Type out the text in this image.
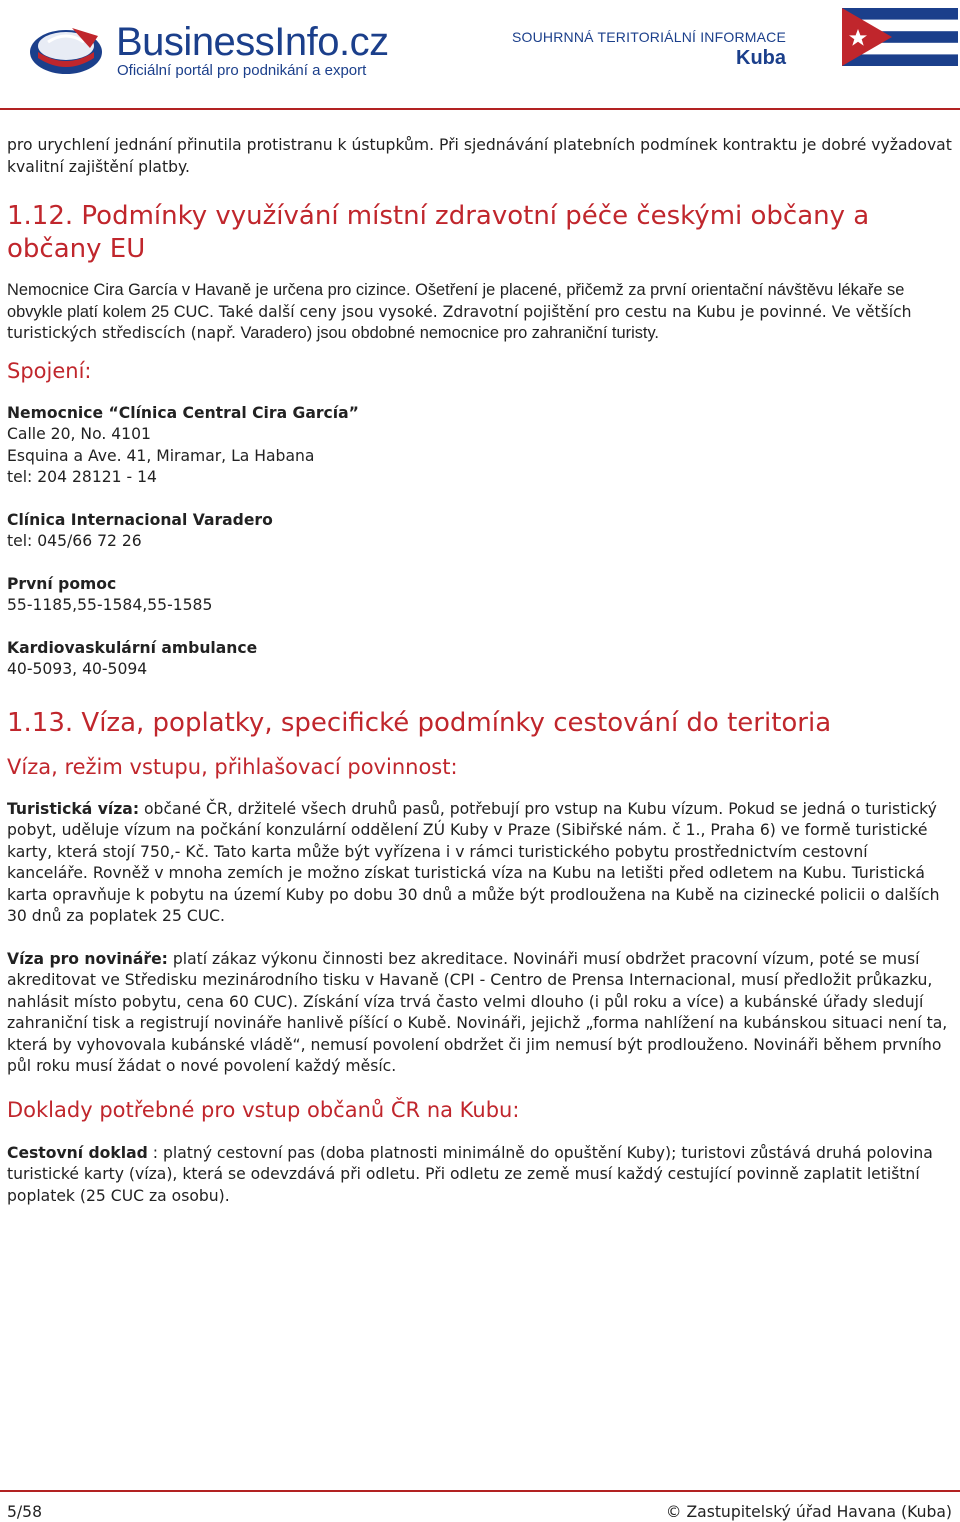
BusinessInfo.cz
Oficiální portál pro podnikání a export
SOUHRNNÁ TERITORIÁLNÍ INFORMACE
Kuba

pro urychlení jednání přinutila protistranu k ústupkům. Při sjednávání platebních podmínek kontraktu je dobré vyžadovat kvalitní zajištění platby.

1.12. Podmínky využívání místní zdravotní péče českými občany a občany EU

Nemocnice Cira García v Havaně je určena pro cizince. Ošetření je placené, přičemž za první orientační návštěvu lékaře se obvykle platí kolem 25 CUC. Také další ceny jsou vysoké. Zdravotní pojištění pro cestu na Kubu je povinné. Ve větších turistických střediscích (např. Varadero) jsou obdobné nemocnice pro zahraniční turisty.

Spojení:

Nemocnice “Clínica Central Cira García”

Calle 20, No. 4101

Esquina a Ave. 41, Miramar, La Habana

tel: 204 28121 - 14

Clínica Internacional Varadero

tel: 045/66 72 26

První pomoc

55-1185,55-1584,55-1585

Kardiovaskulární ambulance

40-5093, 40-5094

1.13. Víza, poplatky, specifické podmínky cestování do teritoria
Víza, režim vstupu, přihlašovací povinnost:

Turistická víza: občané ČR, držitelé všech druhů pasů, potřebují pro vstup na Kubu vízum. Pokud se jedná o turistický pobyt, uděluje vízum na počkání konzulární oddělení ZÚ Kuby v Praze (Sibiřské nám. č 1., Praha 6) ve formě turistické karty, která stojí 750,- Kč. Tato karta může být vyřízena i v rámci turistického pobytu prostřednictvím cestovní kanceláře. Rovněž v mnoha zemích je možno získat turistická víza na Kubu na letišti před odletem na Kubu. Turistická karta opravňuje k pobytu na území Kuby po dobu 30 dnů a může být prodloužena na Kubě na cizinecké policii o dalších 30 dnů za poplatek 25 CUC.

Víza pro novináře: platí zákaz výkonu činnosti bez akreditace. Novináři musí obdržet pracovní vízum, poté se musí akreditovat ve Středisku mezinárodního tisku v Havaně (CPI - Centro de Prensa Internacional, musí předložit průkazku, nahlásit místo pobytu, cena 60 CUC). Získání víza trvá často velmi dlouho (i půl roku a více) a kubánské úřady sledují zahraniční tisk a registrují novináře hanlivě píšící o Kubě. Novináři, jejichž „forma nahlížení na kubánskou situaci není ta, která by vyhovovala kubánské vládě“, nemusí povolení obdržet či jim nemusí být prodlouženo. Novináři během prvního půl roku musí žádat o nové povolení každý měsíc.

Doklady potřebné pro vstup občanů ČR na Kubu:

Cestovní doklad : platný cestovní pas (doba platnosti minimálně do opuštění Kuby); turistovi zůstává druhá polovina turistické karty (víza), která se odevzdává při odletu. Při odletu ze země musí každý cestující povinně zaplatit letištní poplatek (25 CUC za osobu).

5/58	© Zastupitelský úřad Havana (Kuba)
